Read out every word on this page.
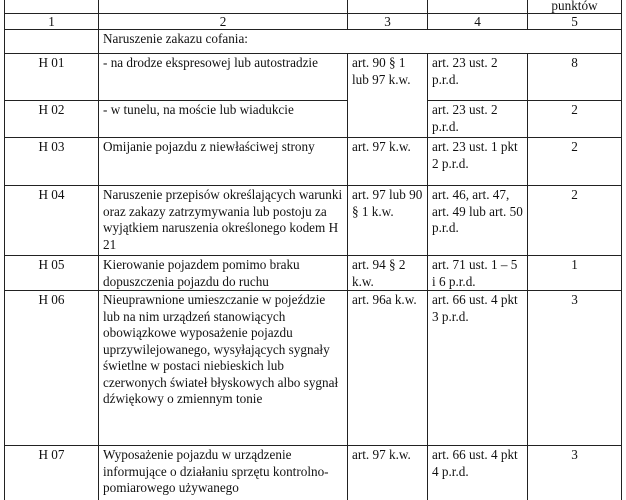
				punktów

1	2	3	4	5
	Naruszenie zakazu cofania:			
H 01	- na drodze ekspresowej lub autostradzie	art. 90 § 1 lub 97 k.w.	art. 23 ust. 2 p.r.d.	8
H 02	- w tunelu, na moście lub wiadukcie		art. 23 ust. 2 p.r.d.	2
H 03	Omijanie pojazdu z niewłaściwej strony	art. 97 k.w.	art. 23 ust. 1 pkt 2 p.r.d.	2
H 04	Naruszenie przepisów określających warunki oraz zakazy zatrzymywania lub postoju za wyjątkiem naruszenia określonego kodem H 21	art. 97 lub 90 § 1 k.w.	art. 46, art. 47, art. 49 lub art. 50 p.r.d.	2
H 05	Kierowanie pojazdem pomimo braku dopuszczenia pojazdu do ruchu	art. 94 § 2 k.w.	art. 71 ust. 1 – 5 i 6 p.r.d.	1
H 06	Nieuprawnione umieszczanie w pojeździe lub na nim urządzeń stanowiących obowiązkowe wyposażenie pojazdu uprzywilejowanego, wysyłających sygnały świetlne w postaci niebieskich lub czerwonych świateł błyskowych albo sygnał dźwiękowy o zmiennym tonie	art. 96a k.w.	art. 66 ust. 4 pkt 3 p.r.d.	3
H 07	Wyposażenie pojazdu w urządzenie informujące o działaniu sprzętu kontrolno-pomiarowego używanego	art. 97 k.w.	art. 66 ust. 4 pkt 4 p.r.d.	3
